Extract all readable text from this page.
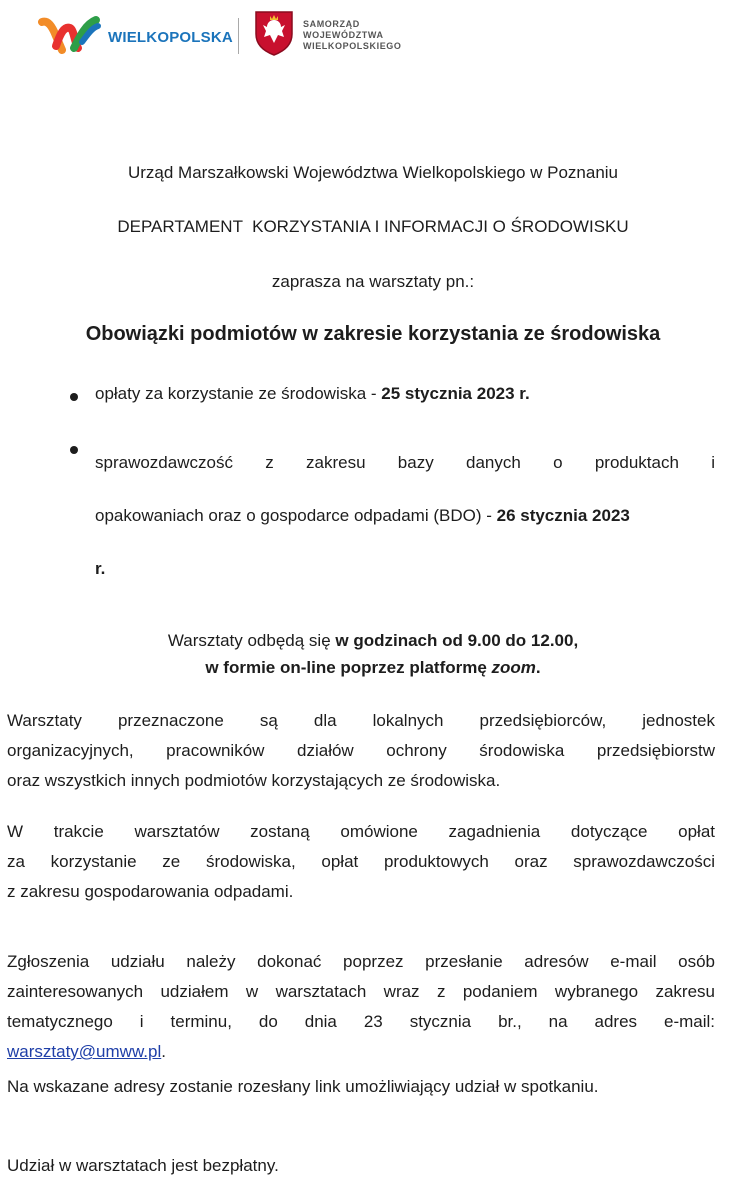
WIELKOPOLSKA
SAMORZĄD
WOJEWÓDZTWA
WIELKOPOLSKIEGO
Urząd Marszałkowski Województwa Wielkopolskiego w Poznaniu
DEPARTAMENT  KORZYSTANIA I INFORMACJI O ŚRODOWISKU
zaprasza na warsztaty pn.:
Obowiązki podmiotów w zakresie korzystania ze środowiska
opłaty za korzystanie ze środowiska - 25 stycznia 2023 r.
sprawozdawczość z zakresu bazy danych o produktach i
opakowaniach oraz o gospodarce odpadami (BDO) - 26 stycznia 2023
r.
Warsztaty odbędą się w godzinach od 9.00 do 12.00,
w formie on-line poprzez platformę zoom.
Warsztaty przeznaczone są dla lokalnych przedsiębiorców, jednostek
organizacyjnych, pracowników działów ochrony środowiska przedsiębiorstw
oraz wszystkich innych podmiotów korzystających ze środowiska.
W trakcie warsztatów zostaną omówione zagadnienia dotyczące opłat
za korzystanie ze środowiska, opłat produktowych oraz sprawozdawczości
z zakresu gospodarowania odpadami.
Zgłoszenia udziału należy dokonać poprzez przesłanie adresów e-mail osób
zainteresowanych udziałem w warsztatach wraz z podaniem wybranego zakresu
tematycznego i terminu, do dnia 23 stycznia br., na adres e-mail:
warsztaty@umww.pl.
Na wskazane adresy zostanie rozesłany link umożliwiający udział w spotkaniu.
Udział w warsztatach jest bezpłatny.
